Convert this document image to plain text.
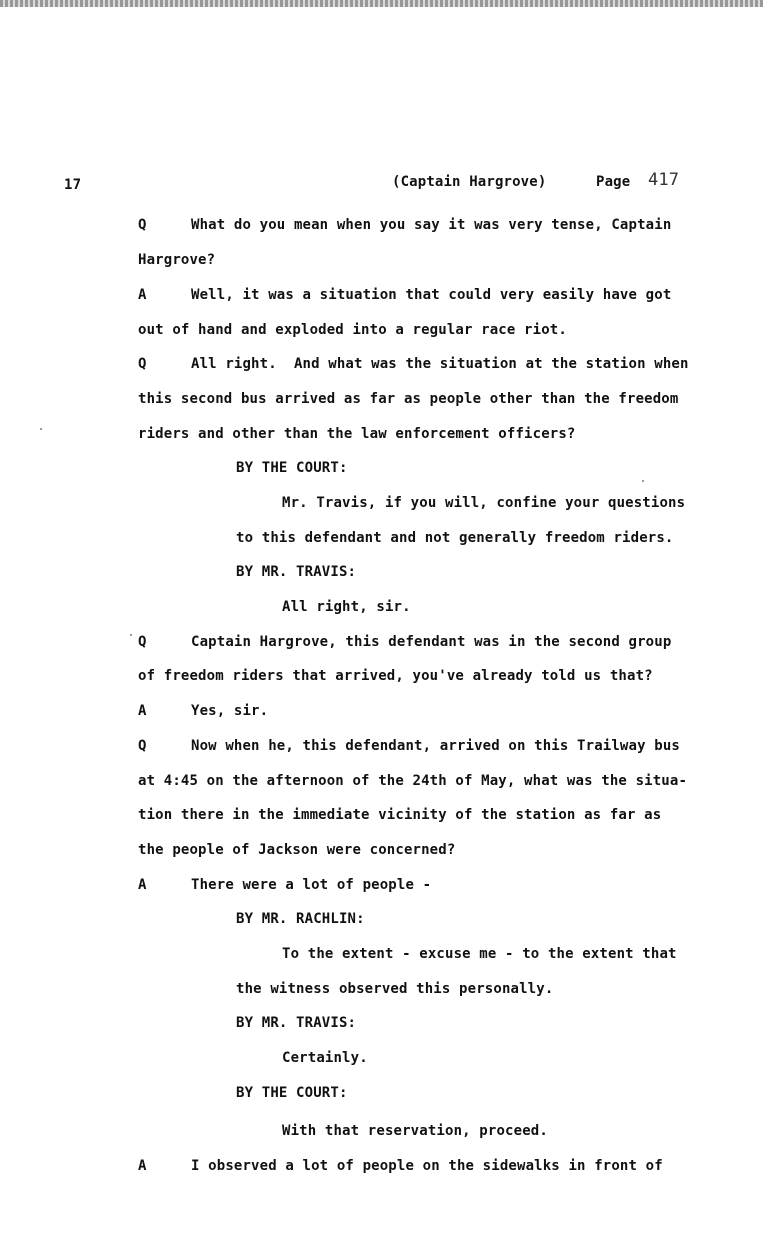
17	(Captain Hargrove)	Page 417
Q	What do you mean when you say it was very tense, Captain
Hargrove?
A	Well, it was a situation that could very easily have got
out of hand and exploded into a regular race riot.
Q	All right.  And what was the situation at the station when
this second bus arrived as far as people other than the freedom
riders and other than the law enforcement officers?
BY THE COURT:
Mr. Travis, if you will, confine your questions
to this defendant and not generally freedom riders.
BY MR. TRAVIS:
All right, sir.
Q	Captain Hargrove, this defendant was in the second group
of freedom riders that arrived, you've already told us that?
A	Yes, sir.
Q	Now when he, this defendant, arrived on this Trailway bus
at 4:45 on the afternoon of the 24th of May, what was the situa-
tion there in the immediate vicinity of the station as far as
the people of Jackson were concerned?
A	There were a lot of people -
BY MR. RACHLIN:
To the extent - excuse me - to the extent that
the witness observed this personally.
BY MR. TRAVIS:
Certainly.
BY THE COURT:
With that reservation, proceed.
A	I observed a lot of people on the sidewalks in front of
